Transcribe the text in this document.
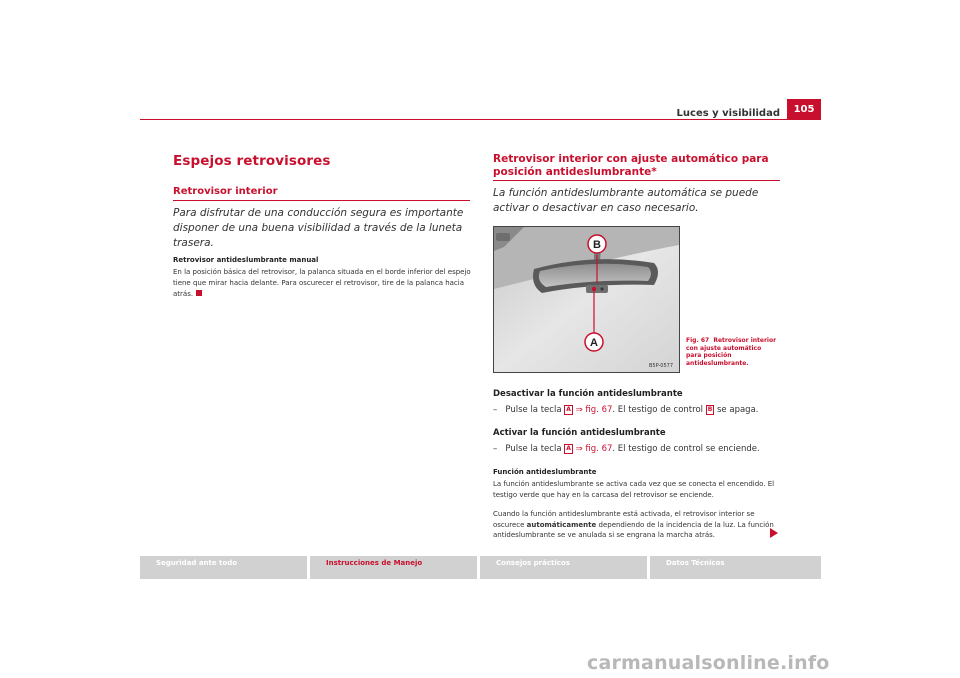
Luces y visibilidad	105
Espejos retrovisores
Retrovisor interior
Para disfrutar de una conducción segura es importante disponer de una buena visibilidad a través de la luneta trasera.
Retrovisor antideslumbrante manual
En la posición básica del retrovisor, la palanca situada en el borde inferior del espejo tiene que mirar hacia delante. Para oscurecer el retrovisor, tire de la palanca hacia atrás.
Retrovisor interior con ajuste automático para posición antideslumbrante*
La función antideslumbrante automática se puede activar o desactivar en caso necesario.
B
A
B5P-0577
Fig. 67 Retrovisor interior con ajuste automático para posición antideslumbrante.
Desactivar la función antideslumbrante
– Pulse la tecla A ⇒ fig. 67. El testigo de control B se apaga.
Activar la función antideslumbrante
– Pulse la tecla A ⇒ fig. 67. El testigo de control se enciende.
Función antideslumbrante
La función antideslumbrante se activa cada vez que se conecta el encendido. El testigo verde que hay en la carcasa del retrovisor se enciende.
Cuando la función antideslumbrante está activada, el retrovisor interior se oscurece automáticamente dependiendo de la incidencia de la luz. La función antideslumbrante se ve anulada si se engrana la marcha atrás.
Seguridad ante todo	Instrucciones de Manejo	Consejos prácticos	Datos Técnicos
carmanualsonline.info
